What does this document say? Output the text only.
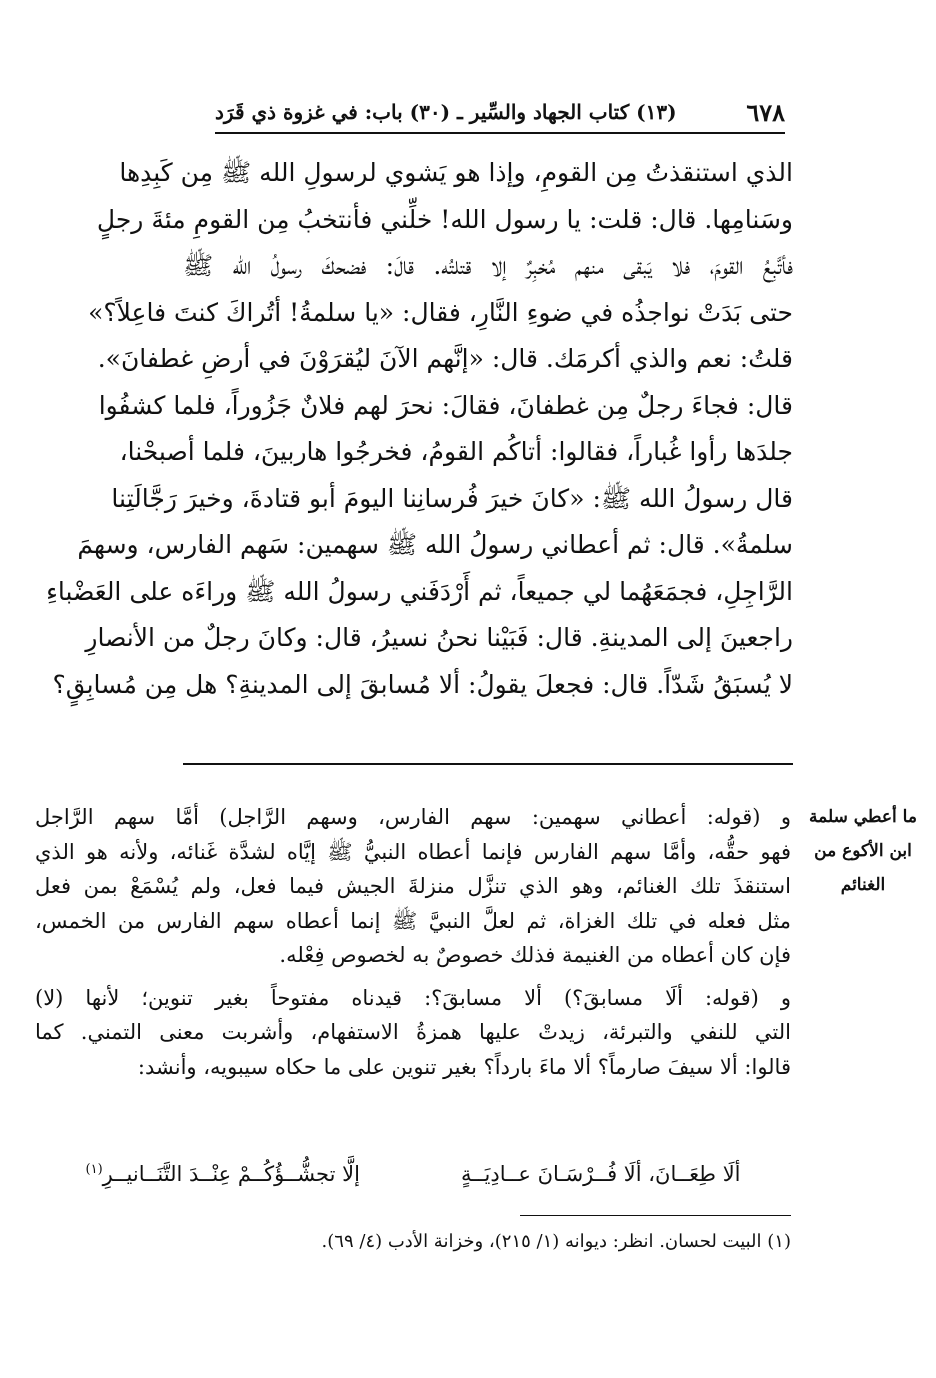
٦٧٨
(١٣) كتاب الجهاد والسِّير ـ (٣٠) باب: في غزوة ذي قَرَد
الذي استنقذتُ مِن القومِ، وإذا هو يَشوي لرسولِ الله ﷺ مِن كَبِدِها
وسَنامِها. قال: قلت: يا رسول الله! خلِّني فأنتخبُ مِن القومِ مئةَ رجلٍ
فأتَّبِعُ القومَ، فلا يَبقى منهم مُخبِرٌ إلا قتلتُه. قالَ: فضحكَ رسولُ الله ﷺ
حتى بَدَتْ نواجذُه في ضوءِ النَّارِ، فقال: «يا سلمةُ! أتُراكَ كنتَ فاعِلاً؟»
قلتُ: نعم والذي أكرمَك. قال: «إنَّهم الآنَ ليُقرَوْنَ في أرضِ غطفانَ».
قال: فجاءَ رجلٌ مِن غطفانَ، فقالَ: نحرَ لهم فلانٌ جَزُوراً، فلما كشفُوا
جلدَها رأوا غُباراً، فقالوا: أتاكُم القومُ، فخرجُوا هاربينَ، فلما أصبحْنا،
قال رسولُ الله ﷺ: «كانَ خيرَ فُرسانِنا اليومَ أبو قتادةَ، وخيرَ رَجَّالَتِنا
سلمةُ». قال: ثم أعطاني رسولُ الله ﷺ سهمين: سَهم الفارس، وسهمَ
الرَّاجِلِ، فجمَعَهُما لي جميعاً، ثم أَرْدَفَني رسولُ الله ﷺ وراءَه على العَضْباءِ
راجعينَ إلى المدينةِ. قال: فَبَيْنا نحنُ نسيرُ، قال: وكانَ رجلٌ من الأنصارِ
لا يُسبَقُ شَدّاً. قال: فجعلَ يقولُ: ألا مُسابقَ إلى المدينةِ؟ هل مِن مُسابِقٍ؟
ما أعطي سلمة
ابن الأكوع من
الغنائم

و (قوله: أعطاني سهمين: سهم الفارس، وسهم الرَّاجل) أمَّا سهم الرَّاجل
فهو حقُّه، وأمَّا سهم الفارس فإنما أعطاه النبيُّ ﷺ إيَّاه لشدَّة غَنائه، ولأنه هو الذي
استنقذَ تلك الغنائم، وهو الذي تنزَّل منزلةَ الجيش فيما فعل، ولم يُسْمَعْ بمن فعل
مثل فعله في تلك الغزاة، ثم لعلَّ النبيَّ ﷺ إنما أعطاه سهم الفارس من الخمس،
فإن كان أعطاه من الغنيمة فذلك خصوصٌ به لخصوص فِعْله.

و (قوله: ألَا مسابقَ؟) ألا مسابقَ؟: قيدناه مفتوحاً بغير تنوين؛ لأنها (لا)
التي للنفي والتبرئة، زيدتْ عليها همزةُ الاستفهام، وأشربت معنى التمني. كما
قالوا: ألا سيفَ صارماً؟ ألا ماءَ بارداً؟ بغير تنوين على ما حكاه سيبويه، وأنشد:

ألَا طِعَــانَ، ألَا فُــرْسَـانَ عــادِيَــةٍ
إلَّا تجشُّــؤُكُــمْ عِنْــدَ التَّنَــانيــرِ$^{(١)}$
(١) البيت لحسان. انظر: ديوانه (١/ ٢١٥)، وخزانة الأدب (٤/ ٦٩).
